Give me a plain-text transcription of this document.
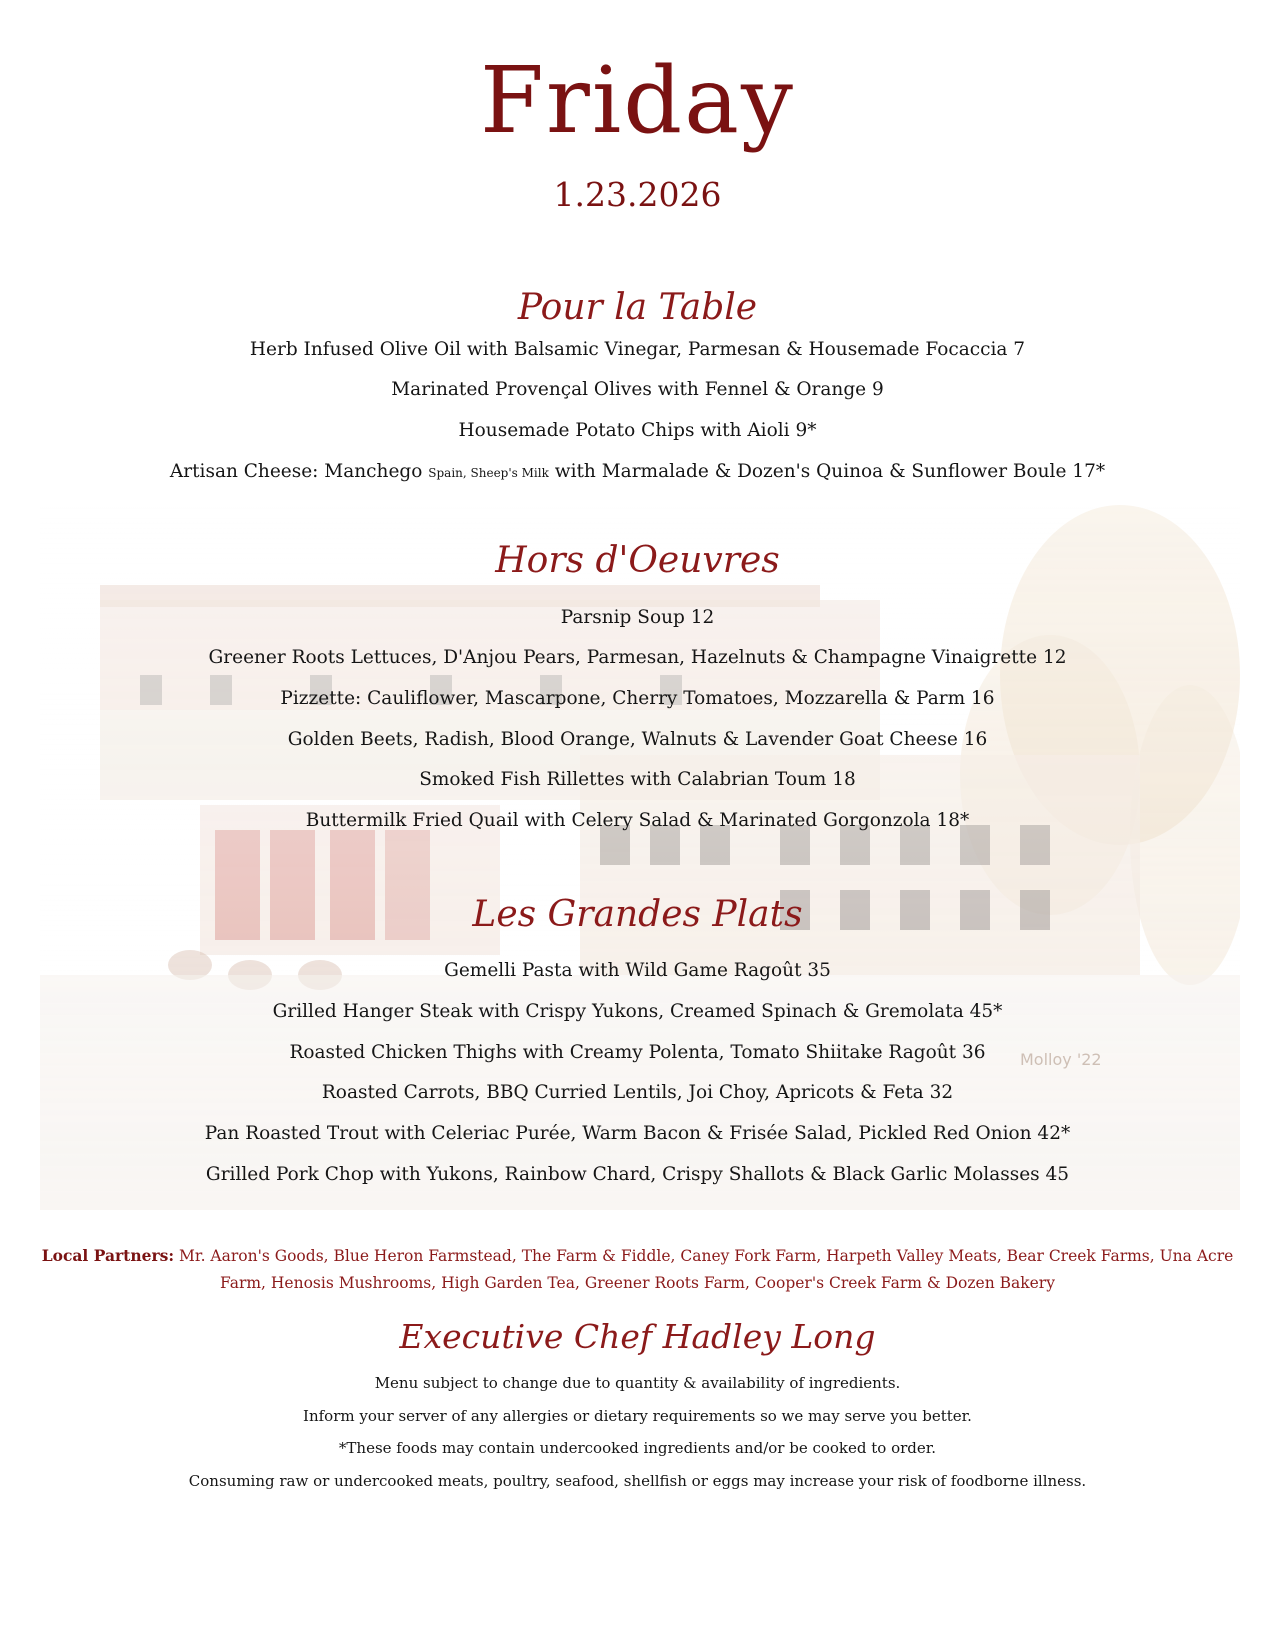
Molloy '22
Friday
1.23.2026
Pour la Table
Herb Infused Olive Oil with Balsamic Vinegar, Parmesan & Housemade Focaccia 7
Marinated Provençal Olives with Fennel & Orange 9
Housemade Potato Chips with Aioli 9*
Artisan Cheese: Manchego Spain, Sheep's Milk with Marmalade & Dozen's Quinoa & Sunflower Boule 17*
Hors d'Oeuvres
Parsnip Soup 12
Greener Roots Lettuces, D'Anjou Pears, Parmesan, Hazelnuts & Champagne Vinaigrette 12
Pizzette: Cauliflower, Mascarpone, Cherry Tomatoes, Mozzarella & Parm 16
Golden Beets, Radish, Blood Orange, Walnuts & Lavender Goat Cheese 16
Smoked Fish Rillettes with Calabrian Toum 18
Buttermilk Fried Quail with Celery Salad & Marinated Gorgonzola 18*
Les Grandes Plats
Gemelli Pasta with Wild Game Ragoût 35
Grilled Hanger Steak with Crispy Yukons, Creamed Spinach & Gremolata 45*
Roasted Chicken Thighs with Creamy Polenta, Tomato Shiitake Ragoût 36
Roasted Carrots, BBQ Curried Lentils, Joi Choy, Apricots & Feta 32
Pan Roasted Trout with Celeriac Purée, Warm Bacon & Frisée Salad, Pickled Red Onion 42*
Grilled Pork Chop with Yukons, Rainbow Chard, Crispy Shallots & Black Garlic Molasses 45
Local Partners: Mr. Aaron's Goods, Blue Heron Farmstead, The Farm & Fiddle, Caney Fork Farm, Harpeth Valley Meats, Bear Creek Farms, Una Acre Farm, Henosis Mushrooms, High Garden Tea, Greener Roots Farm, Cooper's Creek Farm & Dozen Bakery
Executive Chef Hadley Long
Menu subject to change due to quantity & availability of ingredients.
Inform your server of any allergies or dietary requirements so we may serve you better.
*These foods may contain undercooked ingredients and/or be cooked to order.
Consuming raw or undercooked meats, poultry, seafood, shellfish or eggs may increase your risk of foodborne illness.
